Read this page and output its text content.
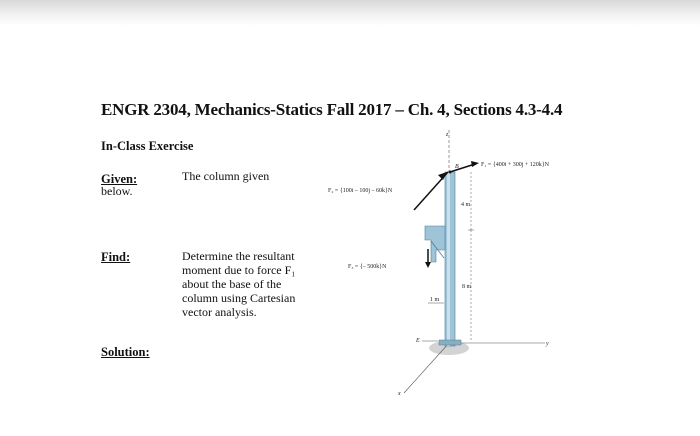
ENGR 2304, Mechanics-Statics Fall 2017 – Ch. 4, Sections 4.3-4.4
In-Class Exercise
Given:
below.
The column given
Find:	Determine the resultant
moment due to force F₁
about the base of the
column using Cartesian
vector analysis.
Solution:
z
y
x
B	F₁ = {400i + 300j + 120k}N
F₂ = {100i – 100j – 60k}N
F₃ = {– 500k}N
4 m
8 m
1 m
E
